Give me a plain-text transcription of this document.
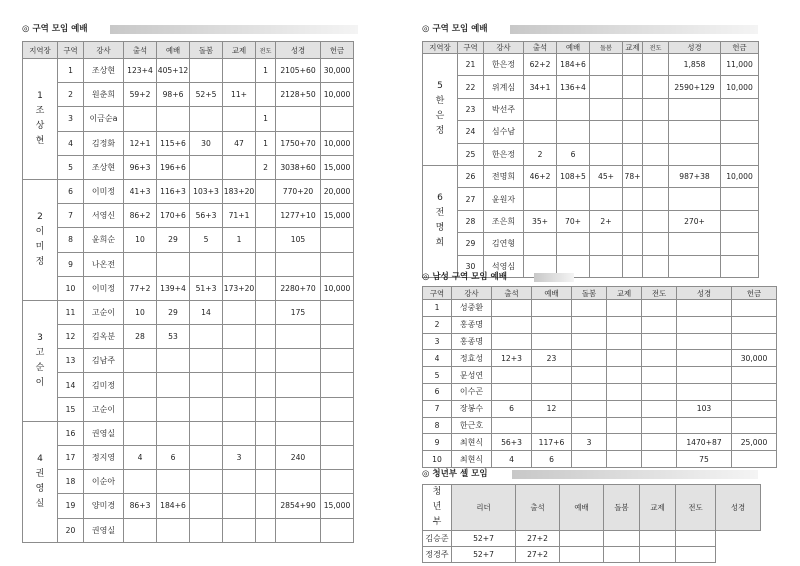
◎ 구역 모임 예배
지역장	구역	강사	출석	예배	돌봄	교제	전도	성경	헌금
1
조
상
현	1	조상현	123+4	405+12			1	2105+60	30,000
	2	원춘희	59+2	98+6	52+5	11+		2128+50	10,000
	3	이금순a					1		
	4	김정화	12+1	115+6	30	47	1	1750+70	10,000
	5	조상현	96+3	196+6			2	3038+60	15,000
2
이
미
정	6	이미정	41+3	116+3	103+3	183+20		770+20	20,000
	7	서영신	86+2	170+6	56+3	71+1		1277+10	15,000
	8	윤희순	10	29	5	1		105	
	9	나온전							
	10	이미정	77+2	139+4	51+3	173+20		2280+70	10,000
3
고
순
이	11	고순이	10	29	14			175	
	12	김옥분	28	53					
	13	김남주							
	14	김미정							
	15	고순이							
4
권
영
실	16	권영실							
	17	정지영	4	6		3		240	
	18	이순아							
	19	양미경	86+3	184+6				2854+90	15,000
	20	권영실							
◎ 구역 모임 예배
지역장	구역	강사	출석	예배	돌봄	교제	전도	성경	헌금
5
한
은
정	21	한은정	62+2	184+6				1,858	11,000
	22	위계심	34+1	136+4				2590+129	10,000
	23	박선주							
	24	심수남							
	25	한은정	2	6					
6
전
명
희	26	전명희	46+2	108+5	45+	78+		987+38	10,000
	27	윤원자							
	28	조은희	35+	70+	2+			270+	
	29	김연형							
	30	석영심							
◎ 남성 구역 모임 예배
구역	강사	출석	예배	돌봄	교제	전도	성경	헌금
1	성중환							
2	홍종명							
3	홍종명							
4	정효성	12+3	23					30,000
5	문성연							
6	이수곤							
7	장봉수	6	12				103	
8	한근호							
9	최현식	56+3	117+6	3			1470+87	25,000
10	최현식	4	6				75	
◎ 청년부 셀 모임
청
년
부	리더	출석	예배	돌봄	교제	전도	성경
김승준	52+7	27+2					
정경주	52+7	27+2					
